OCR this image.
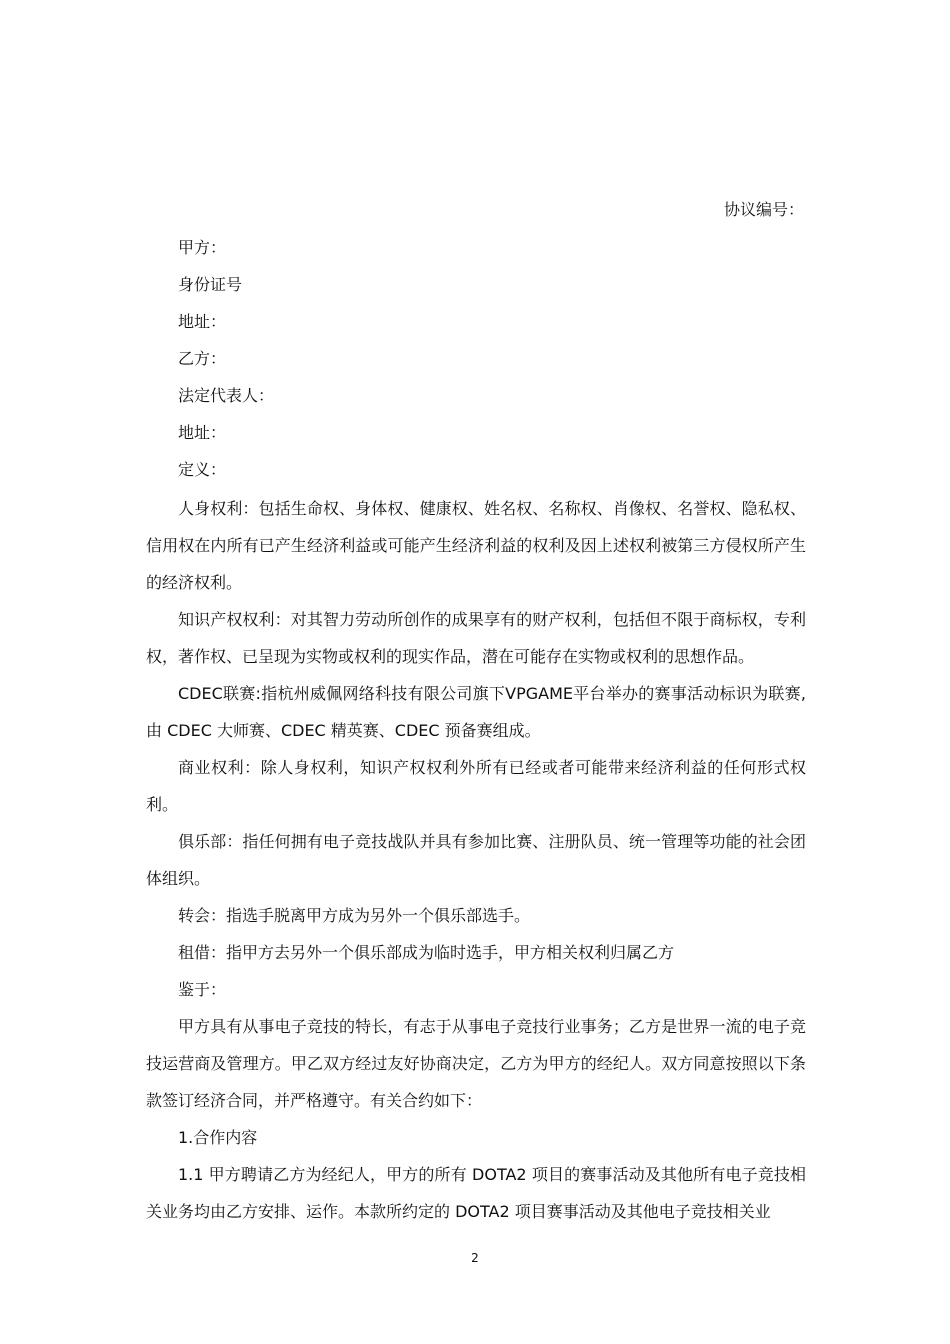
协议编号：
甲方：
身份证号
地址：
乙方：
法定代表人：
地址：
定义：
人身权利：包括生命权、身体权、健康权、姓名权、名称权、肖像权、名誉权、隐私权、信用权在内所有已产生经济利益或可能产生经济利益的权利及因上述权利被第三方侵权所产生的经济权利。
知识产权权利：对其智力劳动所创作的成果享有的财产权利，包括但不限于商标权，专利权，著作权、已呈现为实物或权利的现实作品，潜在可能存在实物或权利的思想作品。
CDEC联赛:指杭州威佩网络科技有限公司旗下VPGAME平台举办的赛事活动标识为联赛,由 CDEC 大师赛、CDEC 精英赛、CDEC 预备赛组成。
商业权利：除人身权利，知识产权权利外所有已经或者可能带来经济利益的任何形式权利。
俱乐部：指任何拥有电子竞技战队并具有参加比赛、注册队员、统一管理等功能的社会团体组织。
转会：指选手脱离甲方成为另外一个俱乐部选手。
租借：指甲方去另外一个俱乐部成为临时选手，甲方相关权利归属乙方
鉴于：
甲方具有从事电子竞技的特长，有志于从事电子竞技行业事务；乙方是世界一流的电子竞技运营商及管理方。甲乙双方经过友好协商决定，乙方为甲方的经纪人。双方同意按照以下条款签订经济合同，并严格遵守。有关合约如下：
1.合作内容
1.1 甲方聘请乙方为经纪人，甲方的所有 DOTA2 项目的赛事活动及其他所有电子竞技相关业务均由乙方安排、运作。本款所约定的 DOTA2 项目赛事活动及其他电子竞技相关业
2
